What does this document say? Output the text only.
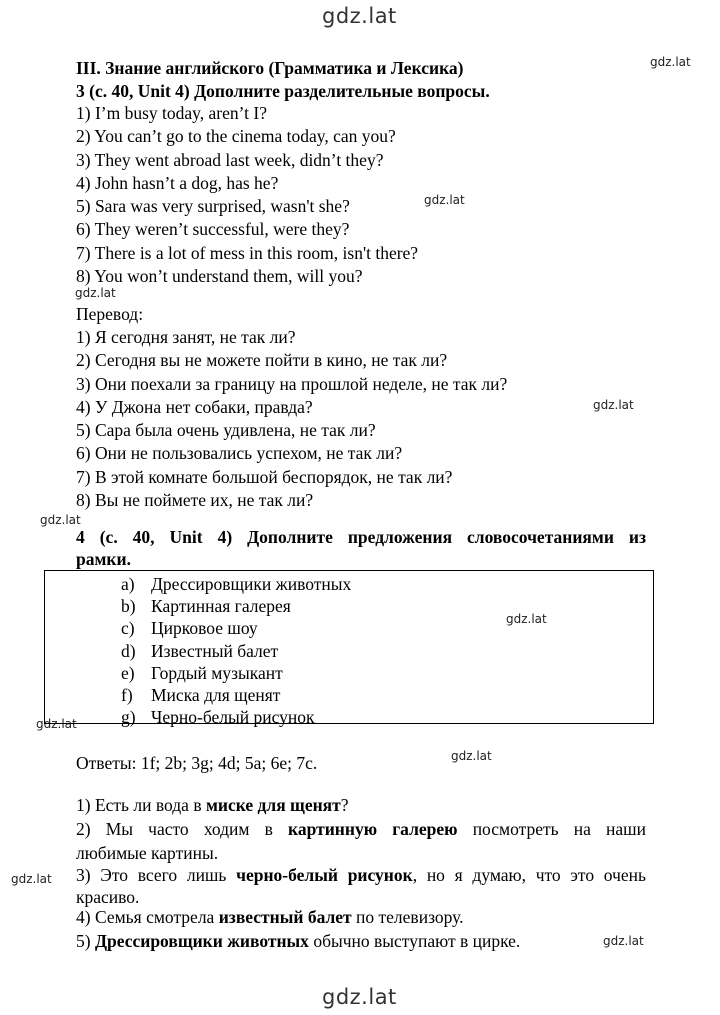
gdz.lat
gdz.lat
gdz.lat
gdz.lat
gdz.lat
gdz.lat
gdz.lat
gdz.lat
gdz.lat
gdz.lat
gdz.lat
gdz.lat
III. Знание английского (Грамматика и Лексика)
3 (с. 40, Unit 4) Дополните разделительные вопросы.
1) I’m busy today, aren’t I?
2) You can’t go to the cinema today, can you?
3) They went abroad last week, didn’t they?
4) John hasn’t a dog, has he?
5) Sara was very surprised, wasn't she?
6) They weren’t successful, were they?
7) There is a lot of mess in this room, isn't there?
8) You won’t understand them, will you?
Перевод:
1) Я сегодня занят, не так ли?
2) Сегодня вы не можете пойти в кино, не так ли?
3) Они поехали за границу на прошлой неделе, не так ли?
4) У Джона нет собаки, правда?
5) Сара была очень удивлена, не так ли?
6) Они не пользовались успехом, не так ли?
7) В этой комнате большой беспорядок, не так ли?
8) Вы не поймете их, не так ли?
4 (с. 40, Unit 4) Дополните предложения словосочетаниями из
рамки.
a) Дрессировщики животных
b) Картинная галерея
c) Цирковое шоу
d) Известный балет
e) Гордый музыкант
f) Миска для щенят
g) Черно-белый рисунок
Ответы: 1f; 2b; 3g; 4d; 5a; 6e; 7c.
1) Есть ли вода в миске для щенят?
2) Мы часто ходим в картинную галерею посмотреть на наши
любимые картины.
3) Это всего лишь черно-белый рисунок, но я думаю, что это очень
красиво.
4) Семья смотрела известный балет по телевизору.
5) Дрессировщики животных обычно выступают в цирке.
